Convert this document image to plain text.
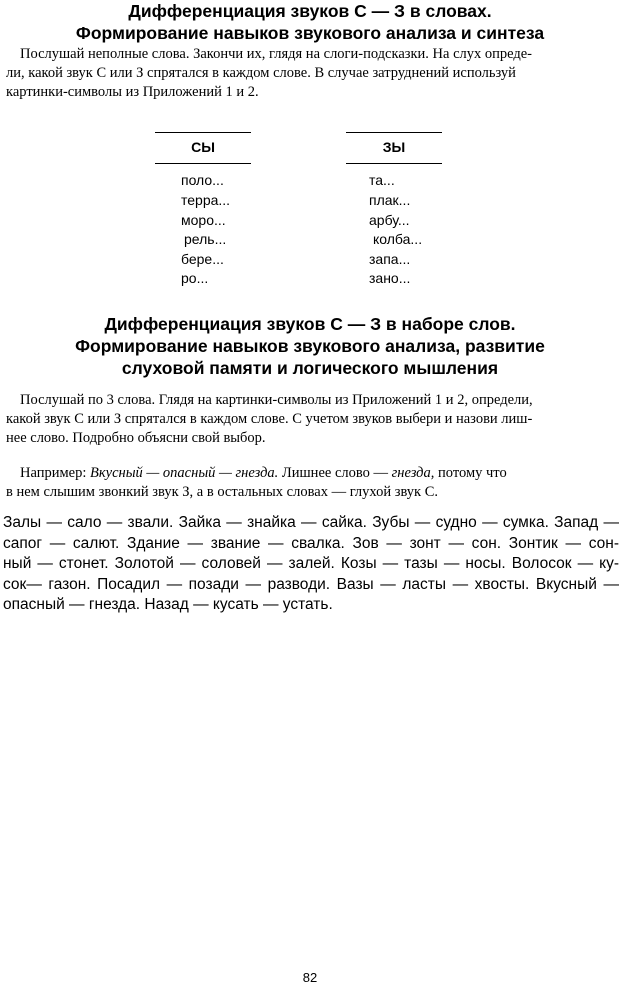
Дифференциация звуков С — З в словах.
Формирование навыков звукового анализа и синтеза
Послушай неполные слова. Закончи их, глядя на слоги-подсказки. На слух опреде-
ли, какой звук С или З спрятался в каждом слове. В случае затруднений используй
картинки-символы из Приложений 1 и 2.
СЫ
поло...
терра...
моро...
рель...
бере...
ро...
ЗЫ
та...
плак...
арбу...
колба...
запа...
зано...
Дифференциация звуков С — З в наборе слов.
Формирование навыков звукового анализа, развитие
слуховой памяти и логического мышления
Послушай по 3 слова. Глядя на картинки-символы из Приложений 1 и 2, определи,
какой звук С или З спрятался в каждом слове. С учетом звуков выбери и назови лиш-
нее слово. Подробно объясни свой выбор.
Например: Вкусный — опасный — гнезда. Лишнее слово — гнезда, потому что
в нем слышим звонкий звук З, а в остальных словах — глухой звук С.
Залы — сало — звали. Зайка — знайка — сайка. Зубы — судно — сумка. Запад —
сапог — салют. Здание — звание — свалка. Зов — зонт — сон. Зонтик — сон-
ный — стонет. Золотой — соловей — залей. Козы — тазы — носы. Волосок — ку-
сок— газон. Посадил — позади — разводи. Вазы — ласты — хвосты. Вкусный —
опасный — гнезда. Назад — кусать — устать.
82
